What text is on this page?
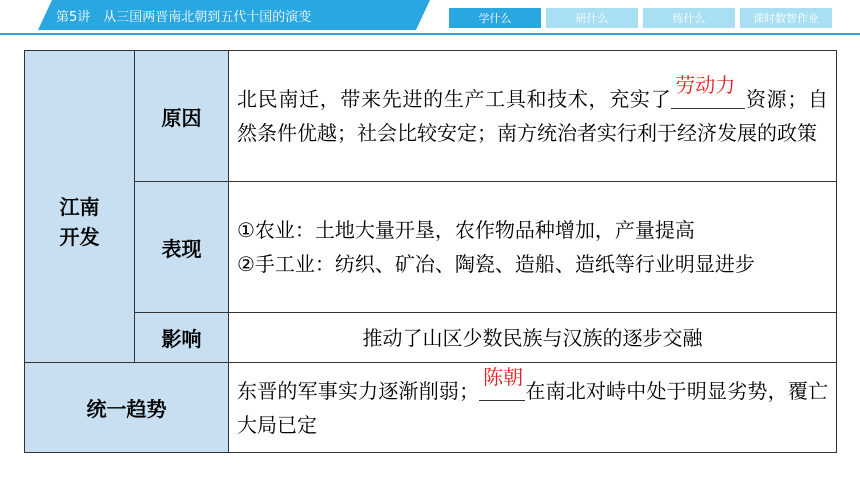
第5讲　从三国两晋南北朝到五代十国的演变	学什么	研什么	练什么	课时数智作业

江南
开发	原因	北民南迁，带来先进的生产工具和技术，充实了
劳动力
资源；自然条件优越；社会比较安定；南方统治者实行利于经济发展的政策
	表现	①农业：土地大量开垦，农作物品种增加，产量提高
②手工业：纺织、矿冶、陶瓷、造船、造纸等行业明显进步

	影响	推动了山区少数民族与汉族的逐步交融
统一趋势		东晋的军事实力逐渐削弱；
陈朝
在南北对峙中处于明显劣势，覆亡大局已定
